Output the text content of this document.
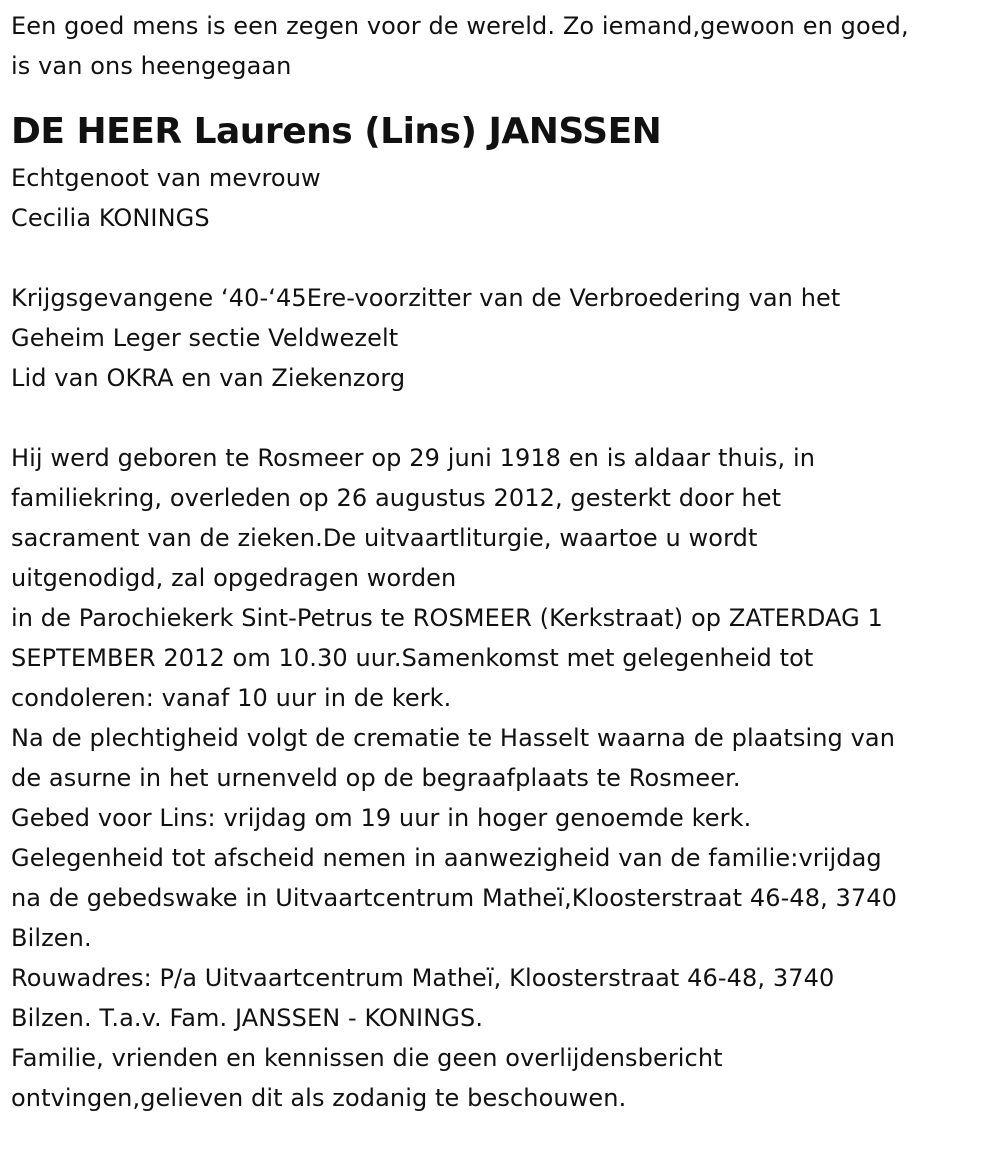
Een goed mens is een zegen voor de wereld. Zo iemand,gewoon en goed,
is van ons heengegaan
DE HEER Laurens (Lins) JANSSEN
Echtgenoot van mevrouw
Cecilia KONINGS
Krijgsgevangene ‘40-‘45Ere-voorzitter van de Verbroedering van het
Geheim Leger sectie Veldwezelt
Lid van OKRA en van Ziekenzorg
Hij werd geboren te Rosmeer op 29 juni 1918 en is aldaar thuis, in
familiekring, overleden op 26 augustus 2012, gesterkt door het
sacrament van de zieken.De uitvaartliturgie, waartoe u wordt
uitgenodigd, zal opgedragen worden
in de Parochiekerk Sint-Petrus te ROSMEER (Kerkstraat) op ZATERDAG 1
SEPTEMBER 2012 om 10.30 uur.Samenkomst met gelegenheid tot
condoleren: vanaf 10 uur in de kerk.
Na de plechtigheid volgt de crematie te Hasselt waarna de plaatsing van
de asurne in het urnenveld op de begraafplaats te Rosmeer.
Gebed voor Lins: vrijdag om 19 uur in hoger genoemde kerk.
Gelegenheid tot afscheid nemen in aanwezigheid van de familie:vrijdag
na de gebedswake in Uitvaartcentrum Matheï,Kloosterstraat 46-48, 3740
Bilzen.
Rouwadres: P/a Uitvaartcentrum Matheï, Kloosterstraat 46-48, 3740
Bilzen. T.a.v. Fam. JANSSEN - KONINGS.
Familie, vrienden en kennissen die geen overlijdensbericht
ontvingen,gelieven dit als zodanig te beschouwen.
